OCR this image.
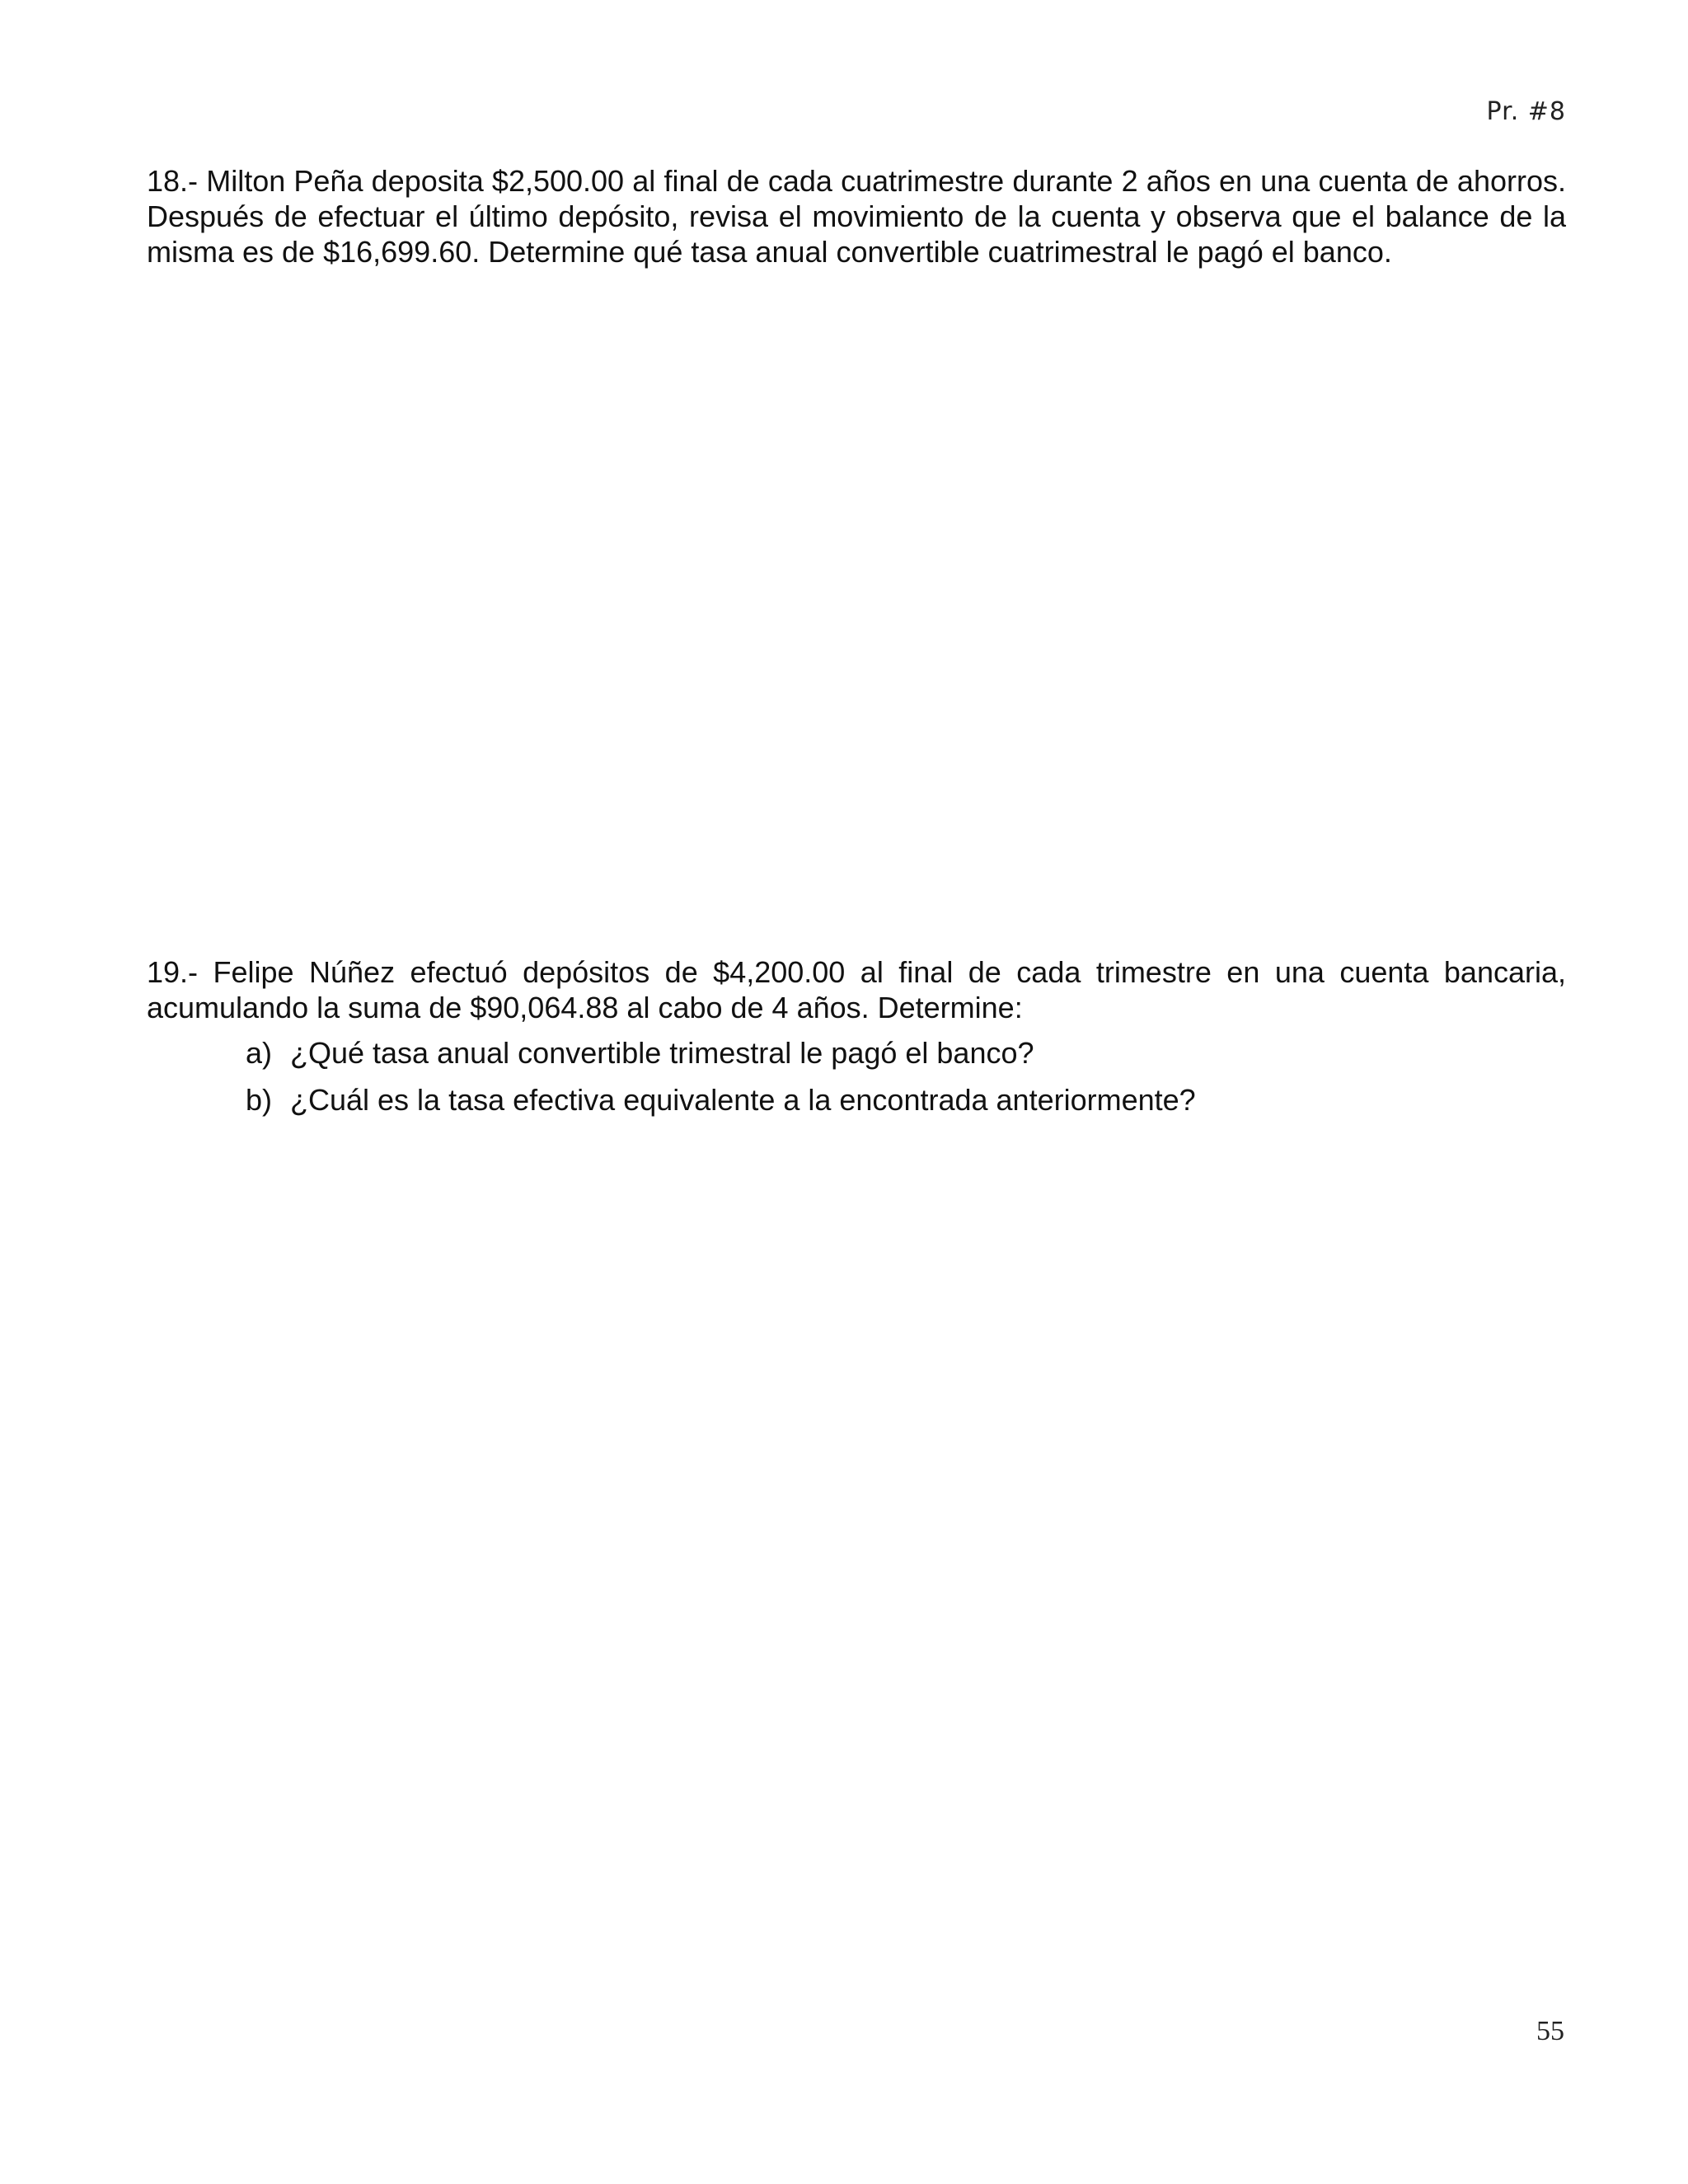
Pr. #8

18.- Milton Peña deposita $2,500.00 al final de cada cuatrimestre durante 2 años en una cuenta de ahorros. Después de efectuar el último depósito, revisa el movimiento de la cuenta y observa que el balance de la misma es de $16,699.60. Determine qué tasa anual convertible cuatrimestral le pagó el banco.

19.- Felipe Núñez efectuó depósitos de $4,200.00 al final de cada trimestre en una cuenta bancaria, acumulando la suma de $90,064.88 al cabo de 4 años. Determine:

a) ¿Qué tasa anual convertible trimestral le pagó el banco?
b) ¿Cuál es la tasa efectiva equivalente a la encontrada anteriormente?
55
